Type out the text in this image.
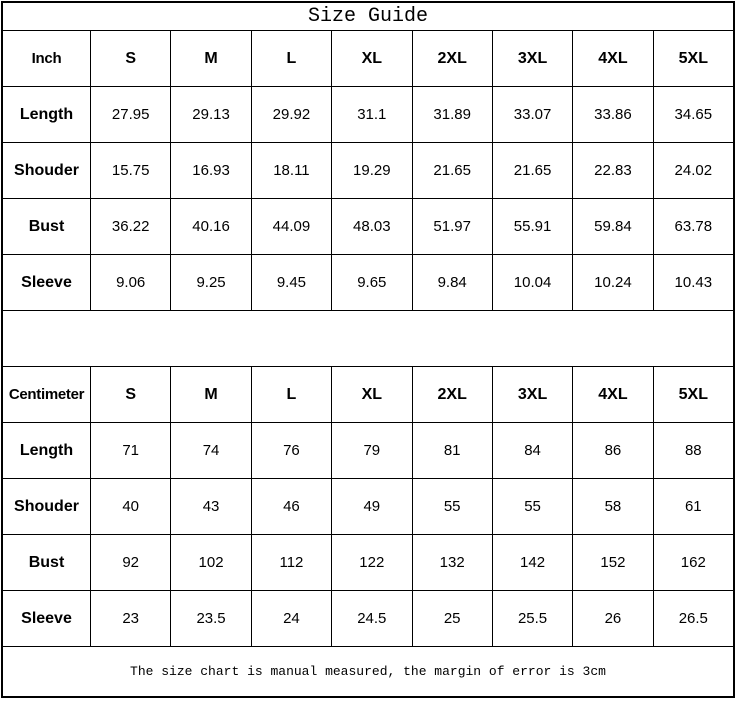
Size Guide
Inch	S	M	L	XL	2XL	3XL	4XL	5XL
Length	27.95	29.13	29.92	31.1	31.89	33.07	33.86	34.65
Shouder	15.75	16.93	18.11	19.29	21.65	21.65	22.83	24.02
Bust	36.22	40.16	44.09	48.03	51.97	55.91	59.84	63.78
Sleeve	9.06	9.25	9.45	9.65	9.84	10.04	10.24	10.43
Centimeter	S	M	L	XL	2XL	3XL	4XL	5XL
Length	71	74	76	79	81	84	86	88
Shouder	40	43	46	49	55	55	58	61
Bust	92	102	112	122	132	142	152	162
Sleeve	23	23.5	24	24.5	25	25.5	26	26.5
The size chart is manual measured, the margin of error is 3cm
